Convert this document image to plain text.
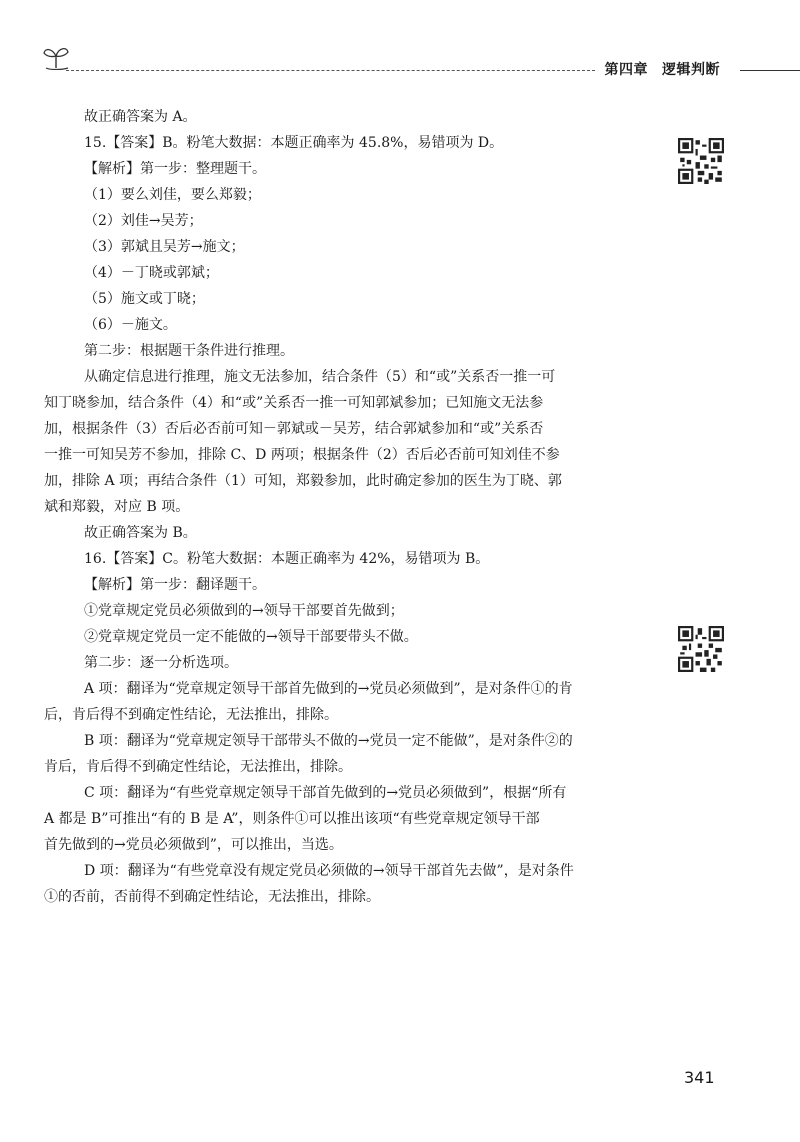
第四章 逻辑判断

故正确答案为 A。

15.【答案】B。粉笔大数据：本题正确率为 45.8%，易错项为 D。

【解析】第一步：整理题干。

（1）要么刘佳，要么郑毅；

（2）刘佳→吴芳；

（3）郭斌且吴芳→施文；

（4）－丁晓或郭斌；

（5）施文或丁晓；

（6）－施文。

第二步：根据题干条件进行推理。

从确定信息进行推理，施文无法参加，结合条件（5）和“或”关系否一推一可

知丁晓参加，结合条件（4）和“或”关系否一推一可知郭斌参加；已知施文无法参

加，根据条件（3）否后必否前可知－郭斌或－吴芳，结合郭斌参加和“或”关系否

一推一可知吴芳不参加，排除 C、D 两项；根据条件（2）否后必否前可知刘佳不参

加，排除 A 项；再结合条件（1）可知，郑毅参加，此时确定参加的医生为丁晓、郭

斌和郑毅，对应 B 项。

故正确答案为 B。

16.【答案】C。粉笔大数据：本题正确率为 42%，易错项为 B。

【解析】第一步：翻译题干。

①党章规定党员必须做到的→领导干部要首先做到；

②党章规定党员一定不能做的→领导干部要带头不做。

第二步：逐一分析选项。

A 项：翻译为“党章规定领导干部首先做到的→党员必须做到”，是对条件①的肯

后，肯后得不到确定性结论，无法推出，排除。

B 项：翻译为“党章规定领导干部带头不做的→党员一定不能做”，是对条件②的

肯后，肯后得不到确定性结论，无法推出，排除。

C 项：翻译为“有些党章规定领导干部首先做到的→党员必须做到”，根据“所有

A 都是 B”可推出“有的 B 是 A”，则条件①可以推出该项“有些党章规定领导干部

首先做到的→党员必须做到”，可以推出，当选。

D 项：翻译为“有些党章没有规定党员必须做的→领导干部首先去做”，是对条件

①的否前，否前得不到确定性结论，无法推出，排除。

341
